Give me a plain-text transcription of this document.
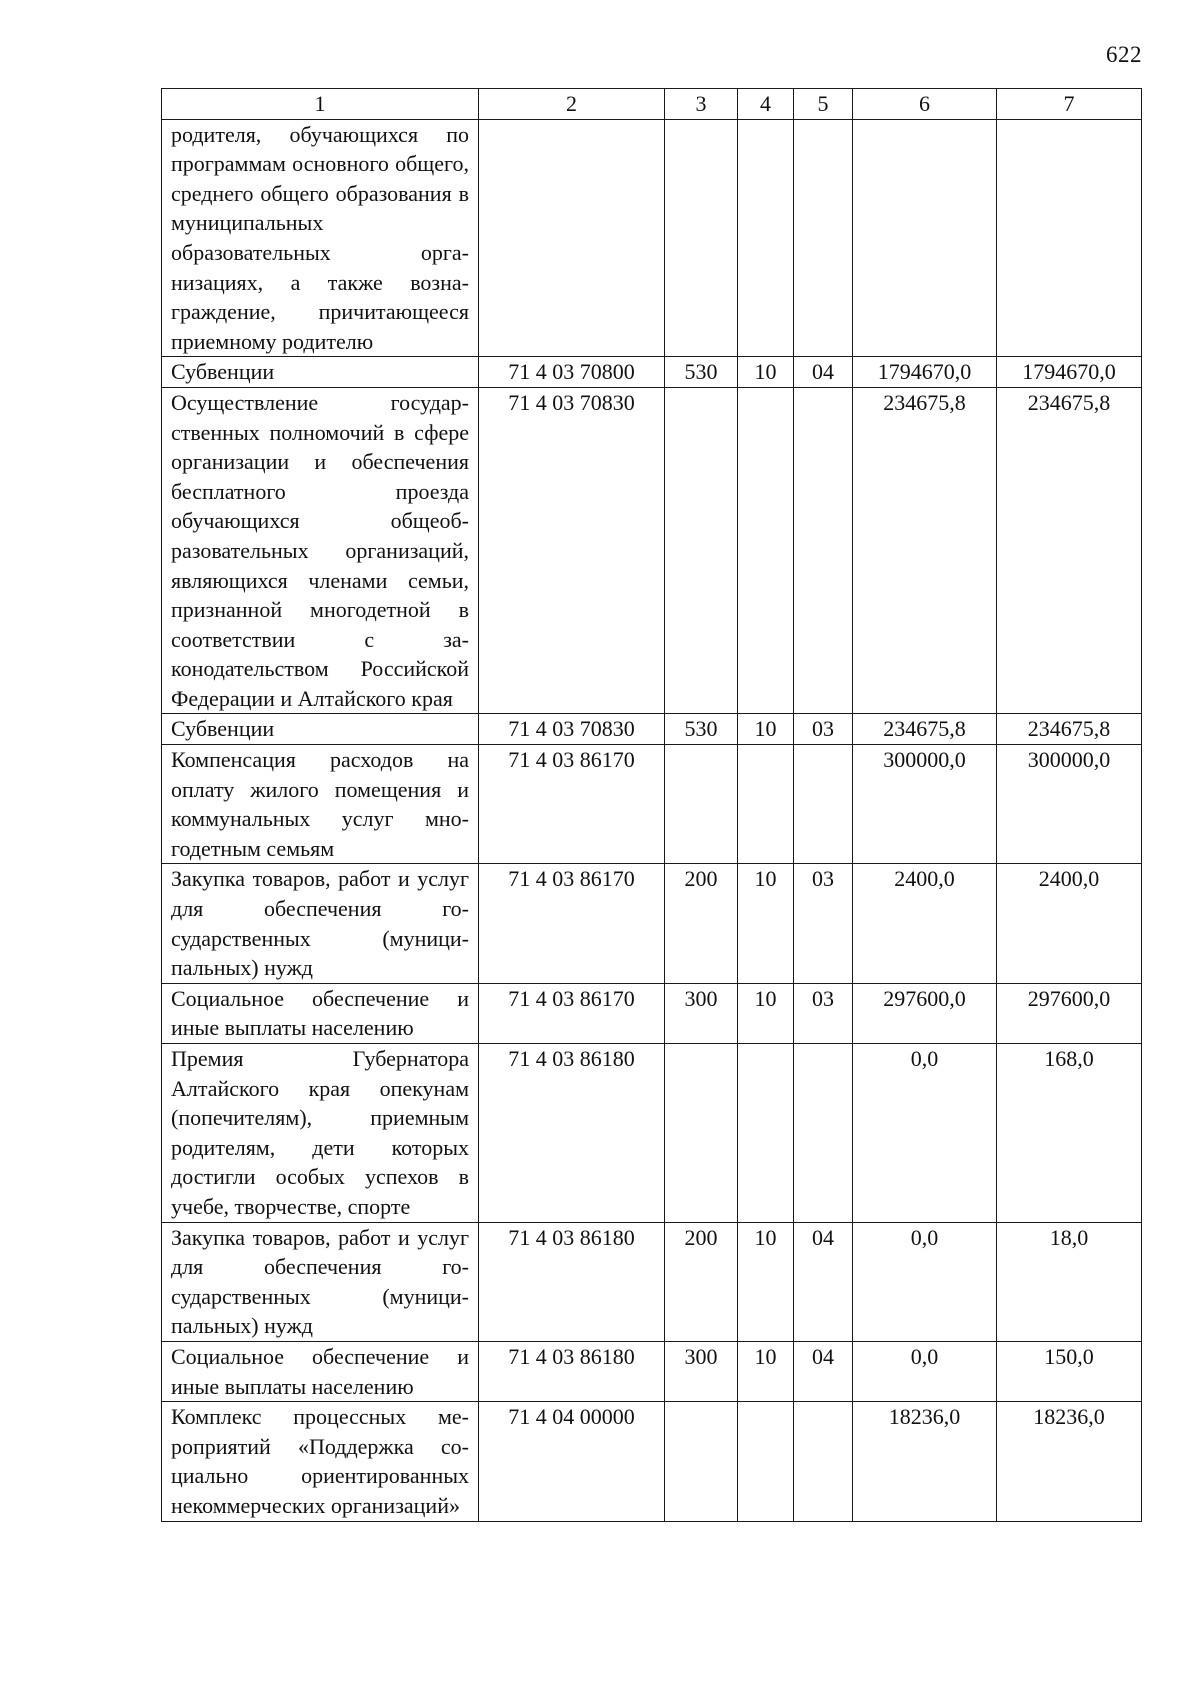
622
1	2	3	4	5	6	7
родителя, обучающихся по программам основного общего, среднего общего образования в муниципальных образовательных организациях, а также вознаграждение, причитающееся приемному родителю						
Субвенции	71 4 03 70800	530	10	04	1794670,0	1794670,0
Осуществление государственных полномочий в сфере организации и обеспечения бесплатного проезда обучающихся общеобразовательных организаций, являющихся членами семьи, признанной многодетной в соответствии с законодательством Российской Федерации и Алтайского края	71 4 03 70830				234675,8	234675,8
Субвенции	71 4 03 70830	530	10	03	234675,8	234675,8
Компенсация расходов на оплату жилого помещения и коммунальных услуг многодетным семьям	71 4 03 86170				300000,0	300000,0
Закупка товаров, работ и услуг для обеспечения государственных (муниципальных) нужд	71 4 03 86170	200	10	03	2400,0	2400,0
Социальное обеспечение и иные выплаты населению	71 4 03 86170	300	10	03	297600,0	297600,0
Премия Губернатора Алтайского края опекунам (попечителям), приемным родителям, дети которых достигли особых успехов в учебе, творчестве, спорте	71 4 03 86180				0,0	168,0
Закупка товаров, работ и услуг для обеспечения государственных (муниципальных) нужд	71 4 03 86180	200	10	04	0,0	18,0
Социальное обеспечение и иные выплаты населению	71 4 03 86180	300	10	04	0,0	150,0
Комплекс процессных мероприятий «Поддержка социально ориентированных некоммерческих организаций»	71 4 04 00000				18236,0	18236,0
